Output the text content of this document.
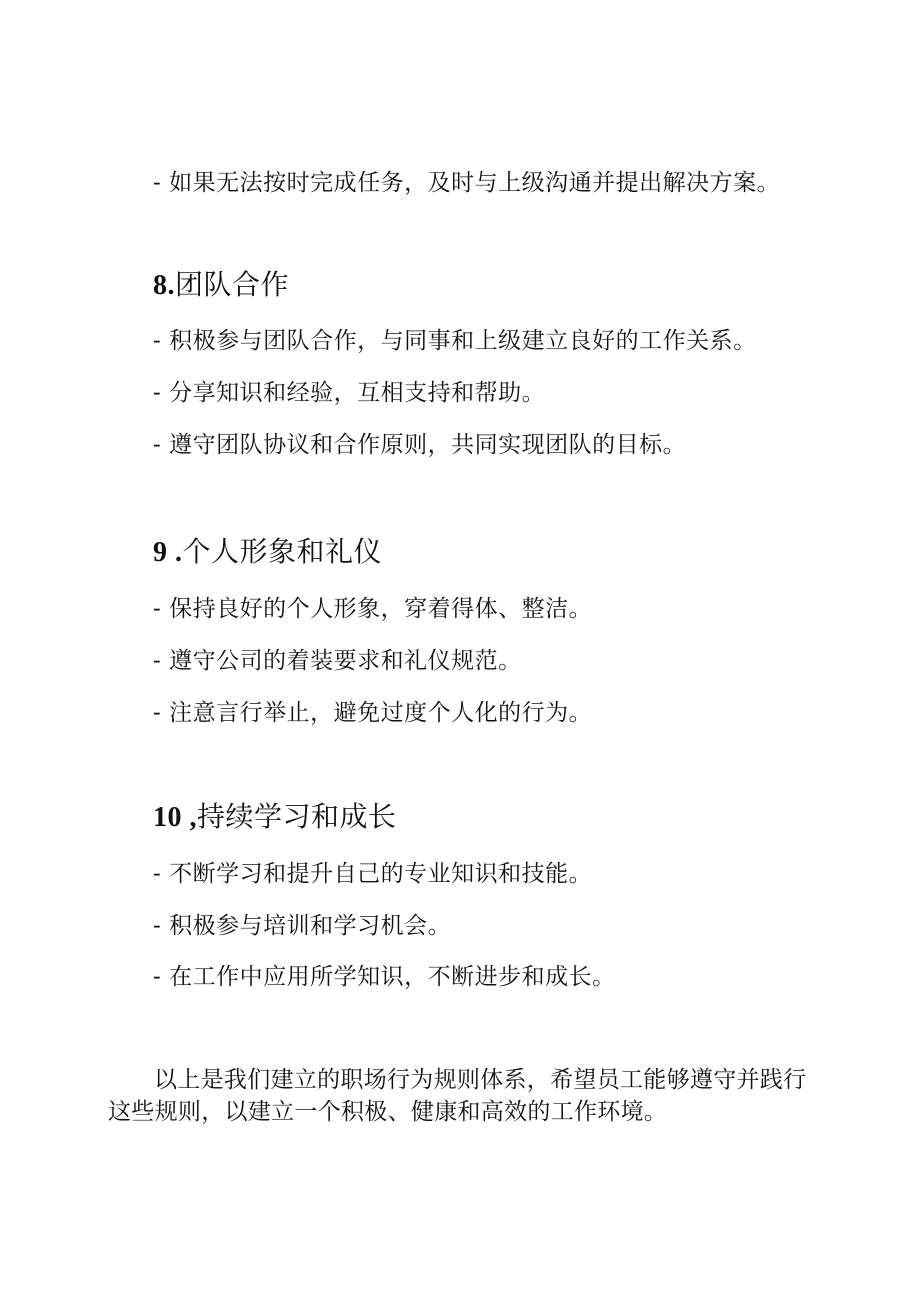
- 如果无法按时完成任务，及时与上级沟通并提出解决方案。
8.团队合作
- 积极参与团队合作，与同事和上级建立良好的工作关系。
- 分享知识和经验，互相支持和帮助。
- 遵守团队协议和合作原则，共同实现团队的目标。
9 .个人形象和礼仪
- 保持良好的个人形象，穿着得体、整洁。
- 遵守公司的着装要求和礼仪规范。
- 注意言行举止，避免过度个人化的行为。
10 ,持续学习和成长
- 不断学习和提升自己的专业知识和技能。
- 积极参与培训和学习机会。
- 在工作中应用所学知识，不断进步和成长。

以上是我们建立的职场行为规则体系，希望员工能够遵守并践行这些规则，以建立一个积极、健康和高效的工作环境。
